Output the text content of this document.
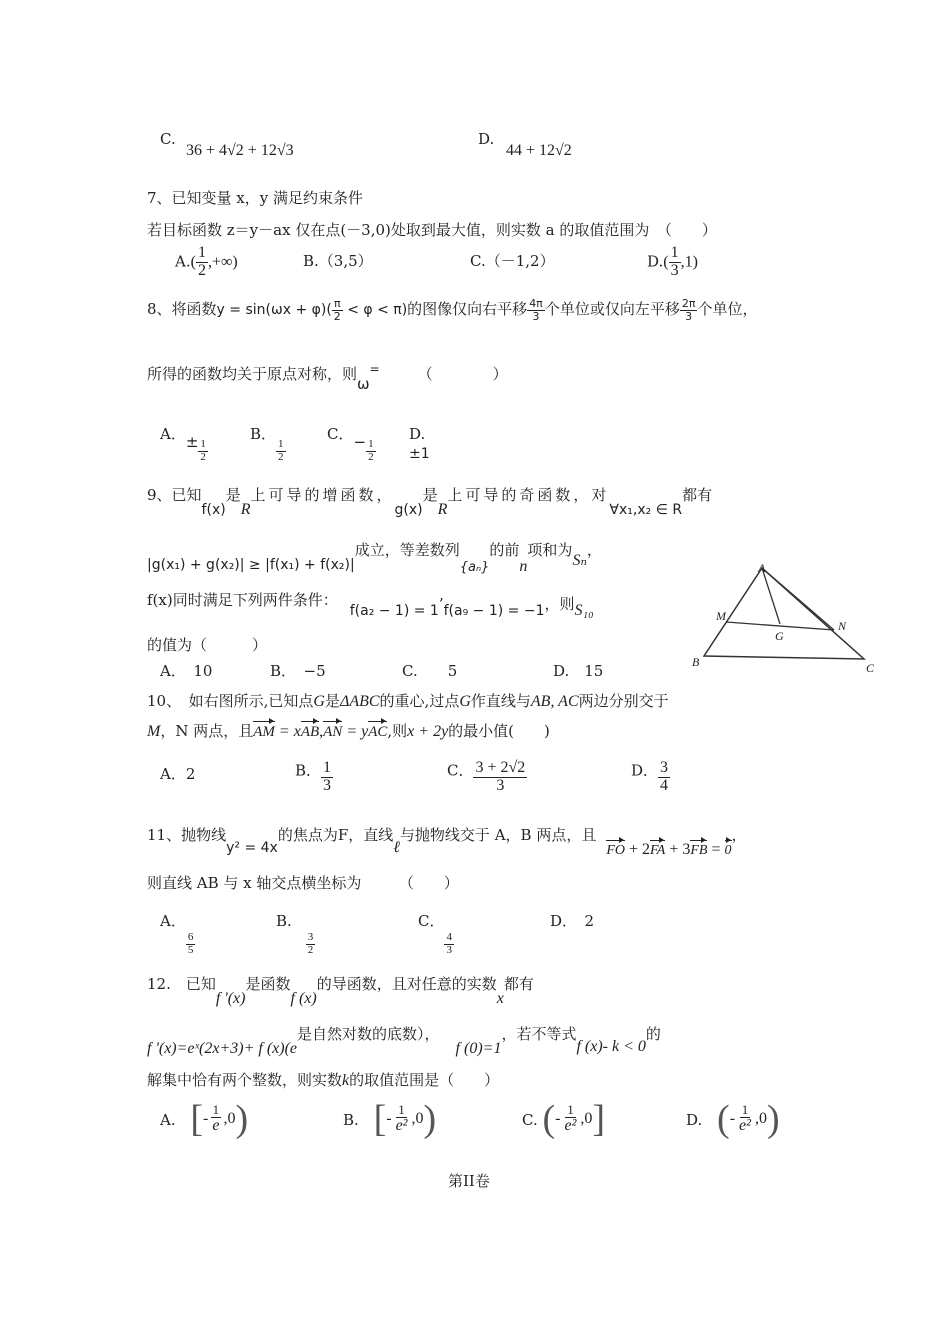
C.
36 + 4√2 + 12√3
D.
44 + 12√2
7、已知变量 x，y 满足约束条件
若目标函数 z＝y－ax 仅在点(－3,0)处取到最大值，则实数 a 的取值范围为　（　　）
$A.( \frac{1}{2}$ ,+∞)	B.（3,5）	C.（－1,2）	$D.( \frac{1}{3} ,1)$
8、将函数$y = \sin(\omega x + \varphi)( \frac{\pi}{2} < \varphi < \pi)$的图像仅向右平移 $\frac{4\pi}{3}$ 个单位或仅向左平移 $\frac{2\pi}{3}$ 个单位，
所得的函数均关于原点对称，则ω=	（　　　　）
A．± $\frac{1}{2}$
B．
$\frac{1}{2}$
C．− $\frac{1}{2}$
D.
±1
9、已知f(x)是R上可导的增函数，g(x)是R上可导的奇函数，对∀x₁,x₂ ∈ R都有
|g(x₁) + g(x₂)| ≥ |f(x₁) + f(x₂)|成立，等差数列{aₙ}的前n项和为Sₙ，
f(x)同时满足下列两件条件：f(a₂ − 1) = 1’f(a₉ − 1) = −1，则S₁₀
的值为（　　　）
A．　10	B．　−5	C.　　5	D.　15
A
B	C
M
N
G
10、　如右图所示,已知点G是ΔABC的重心,过点G作直线与AB, AC两边分别交于
M，N 两点，且AM = xAB,AN = yAC,则x + 2y的最小值(　　)
A．2	B． $\frac{1}{3}$	C． $\frac{3 + 2√2}{3}$	D． $\frac{3}{4}$
11、抛物线y² = 4x的焦点为F，直线ℓ与抛物线交于 A，B 两点，且FO + 2FA + 3FB = 0，
则直线 AB 与 x 轴交点横坐标为　　　（　　）
A．
$\frac{6}{5}$
B.
$\frac{3}{2}$
C．
$\frac{4}{3}$
D．　2
12.　已知f '(x)是函数f (x)的导函数，且对任意的实数x都有
f '(x)=eˣ(2x+3)+ f (x)(e是自然对数的底数），f (0)=1，若不等式f (x)- k < 0的
解集中恰有两个整数，则实数k的取值范围是（　　）
A. [ - $\frac{1}{e} ,0$ )	B. [ - $\frac{1}{\text{e²}} ,0$ )	C. ( - $\frac{1}{\text{e²}} ,0$ ]	D. ( - $\frac{1}{\text{e²}} ,0$ )
第II卷
